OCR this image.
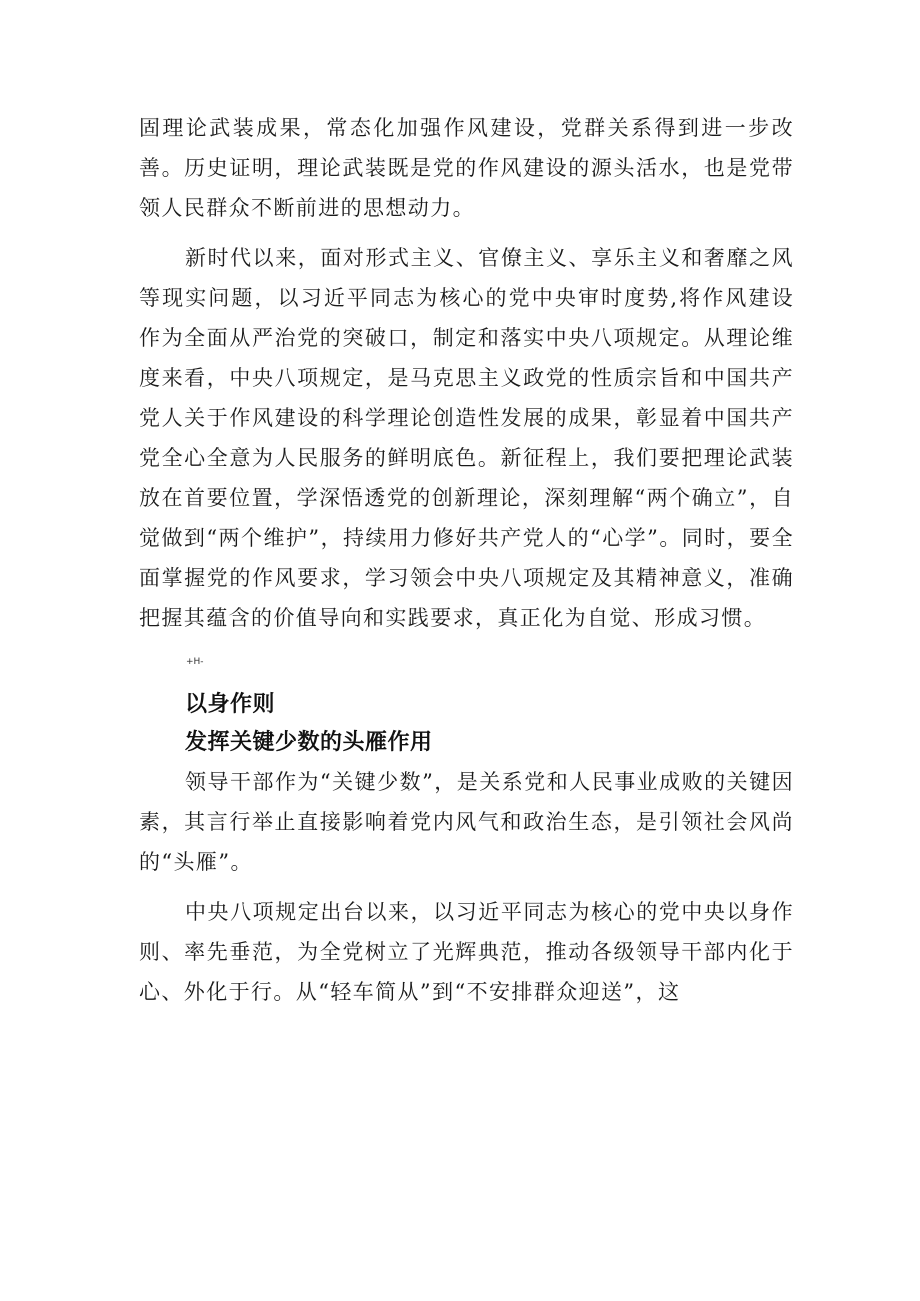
固理论武装成果，常态化加强作风建设，党群关系得到进一步改善。历史证明，理论武装既是党的作风建设的源头活水，也是党带领人民群众不断前进的思想动力。

新时代以来，面对形式主义、官僚主义、享乐主义和奢靡之风等现实问题，以习近平同志为核心的党中央审时度势,将作风建设作为全面从严治党的突破口，制定和落实中央八项规定。从理论维度来看，中央八项规定，是马克思主义政党的性质宗旨和中国共产党人关于作风建设的科学理论创造性发展的成果，彰显着中国共产党全心全意为人民服务的鲜明底色。新征程上，我们要把理论武装放在首要位置，学深悟透党的创新理论，深刻理解“两个确立”，自觉做到“两个维护”，持续用力修好共产党人的“心学”。同时，要全面掌握党的作风要求，学习领会中央八项规定及其精神意义，准确把握其蕴含的价值导向和实践要求，真正化为自觉、形成习惯。

+H-
以身作则
发挥关键少数的头雁作用

领导干部作为“关键少数”，是关系党和人民事业成败的关键因素，其言行举止直接影响着党内风气和政治生态，是引领社会风尚的“头雁”。

中央八项规定出台以来，以习近平同志为核心的党中央以身作则、率先垂范，为全党树立了光辉典范，推动各级领导干部内化于心、外化于行。从“轻车简从”到“不安排群众迎送”，这
